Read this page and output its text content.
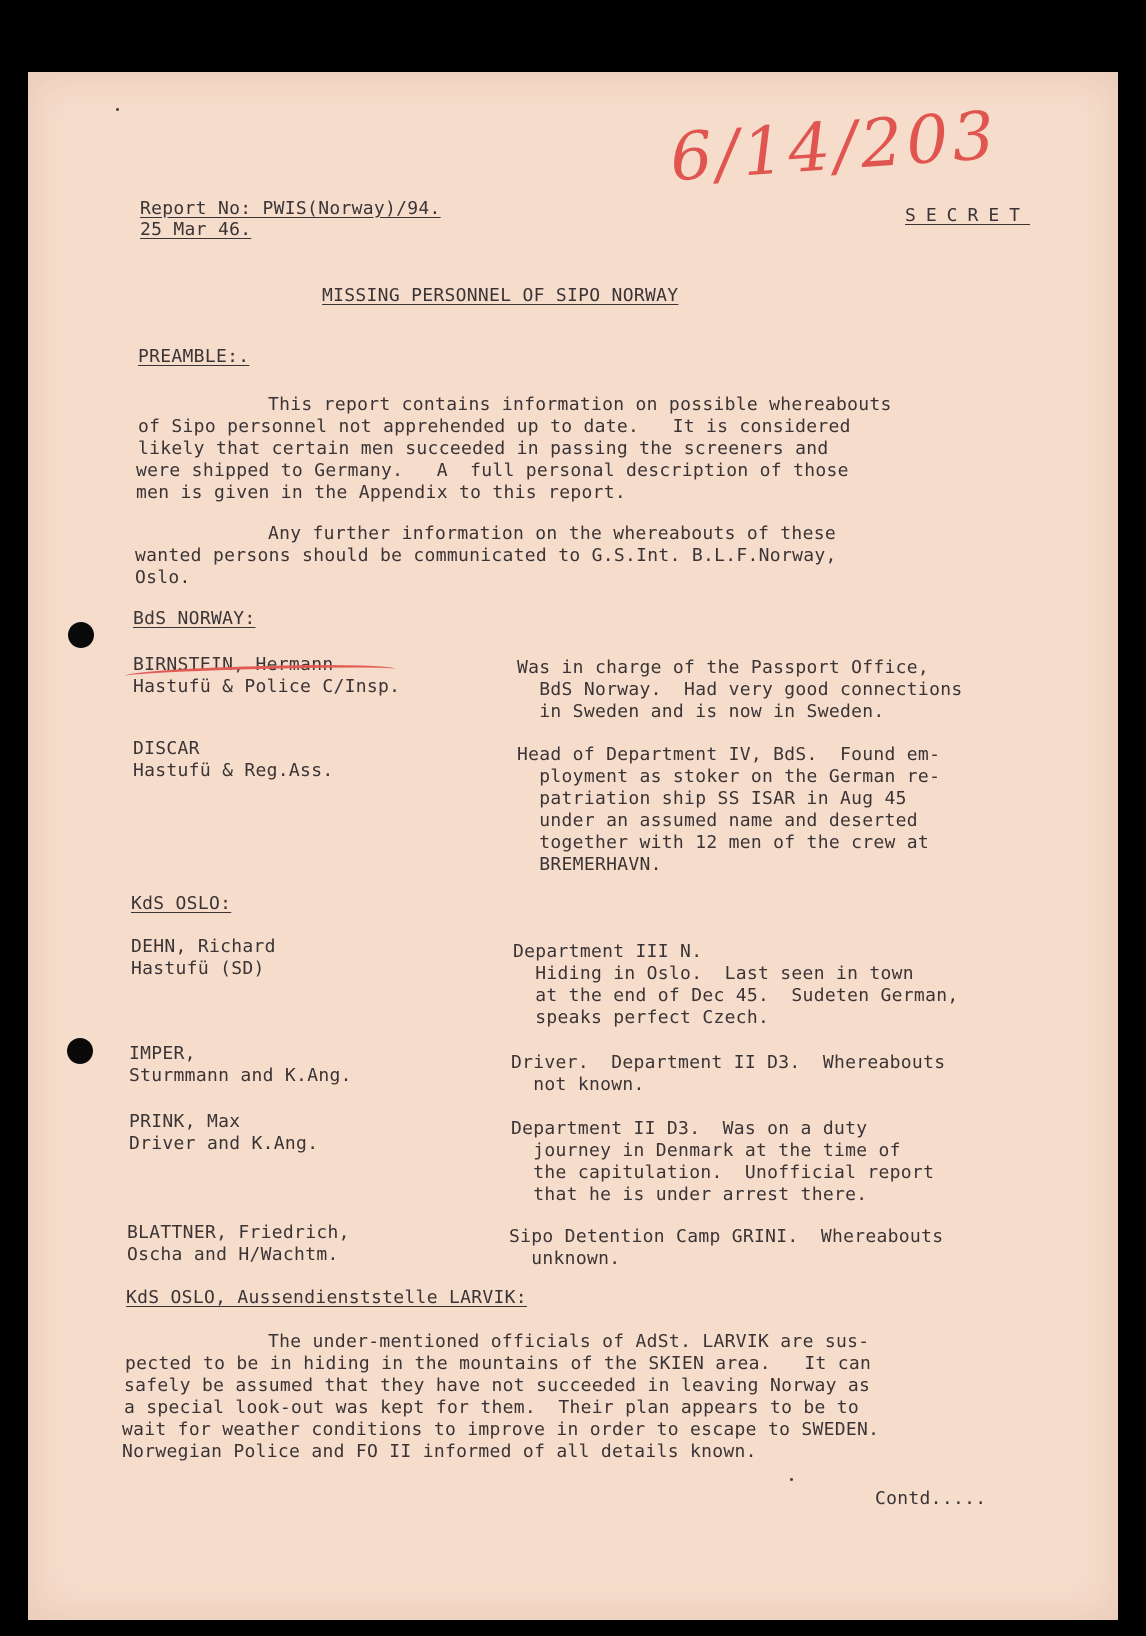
6/14/203
Report No: PWIS(Norway)/94.
25 Mar 46.
SECRET
MISSING PERSONNEL OF SIPO NORWAY
PREAMBLE:.
This report contains information on possible whereabouts
of Sipo personnel not apprehended up to date.   It is considered
likely that certain men succeeded in passing the screeners and
were shipped to Germany.   A  full personal description of those
men is given in the Appendix to this report.
Any further information on the whereabouts of these
wanted persons should be communicated to G.S.Int. B.L.F.Norway,
Oslo.
BdS NORWAY:
BIRNSTEIN, Hermann
Hastufü & Police C/Insp.
Was in charge of the Passport Office,
BdS Norway.  Had very good connections
in Sweden and is now in Sweden.
DISCAR
Hastufü & Reg.Ass.
Head of Department IV, BdS.  Found em-
ployment as stoker on the German re-
patriation ship SS ISAR in Aug 45
under an assumed name and deserted
together with 12 men of the crew at
BREMERHAVN.
KdS OSLO:
DEHN, Richard
Hastufü (SD)
Department III N.
Hiding in Oslo.  Last seen in town
at the end of Dec 45.  Sudeten German,
speaks perfect Czech.
IMPER,
Sturmmann and K.Ang.
Driver.  Department II D3.  Whereabouts
not known.
PRINK, Max
Driver and K.Ang.
Department II D3.  Was on a duty
journey in Denmark at the time of
the capitulation.  Unofficial report
that he is under arrest there.
BLATTNER, Friedrich,
Oscha and H/Wachtm.
Sipo Detention Camp GRINI.  Whereabouts
unknown.
KdS OSLO, Aussendienststelle LARVIK:
The under-mentioned officials of AdSt. LARVIK are sus-
pected to be in hiding in the mountains of the SKIEN area.   It can
safely be assumed that they have not succeeded in leaving Norway as
a special look-out was kept for them.  Their plan appears to be to
wait for weather conditions to improve in order to escape to SWEDEN.
Norwegian Police and FO II informed of all details known.
Contd.....
